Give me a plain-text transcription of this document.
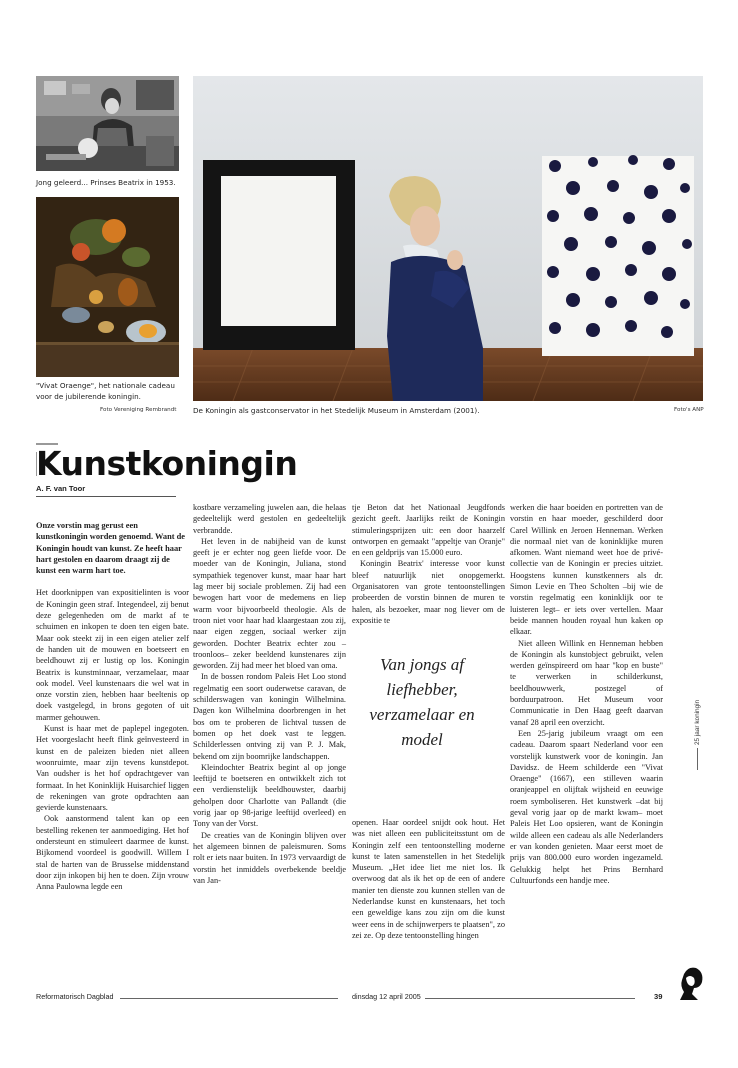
Jong geleerd... Prinses Beatrix in 1953.
"Vivat Oraenge", het nationale cadeau voor de jubilerende koningin.
Foto Vereniging Rembrandt De Koningin als gastconservator in het Stedelijk Museum in Amsterdam (2001).	Foto's ANP
Kunstkoningin
A. F. van Toor
Onze vorstin mag gerust een kunstkoningin worden genoemd. Want de Koningin houdt van kunst. Ze heeft haar hart gestolen en daarom draagt zij de kunst een warm hart toe.

Het doorknippen van expositielinten is voor de Koningin geen straf. Integendeel, zij benut deze gelegenheden om de markt af te schuimen en inkopen te doen ten eigen bate. Maar ook steekt zij in een eigen atelier zelf de handen uit de mouwen en boetseert en beeldhouwt zij er lustig op los. Koningin Beatrix is kunstminnaar, verzamelaar, maar ook model. Veel kunstenaars die wel wat in onze vorstin zien, hebben haar beeltenis op doek vastgelegd, in brons gegoten of uit marmer gehouwen.

Kunst is haar met de paplepel ingegoten. Het voorgeslacht heeft flink geïnvesteerd in kunst en de paleizen bieden niet alleen woonruimte, maar zijn tevens kunstdepot. Van oudsher is het hof opdrachtgever van formaat. In het Koninklijk Huisarchief liggen de rekeningen van grote opdrachten aan gevierde kunstenaars.

Ook aanstormend talent kan op een bestelling rekenen ter aanmoediging. Het hof ondersteunt en stimuleert daarmee de kunst. Bijkomend voordeel is goodwill. Willem I stal de harten van de Brusselse middenstand door zijn inkopen bij hen te doen. Zijn vrouw Anna Paulowna legde een

kostbare verzameling juwelen aan, die helaas gedeeltelijk werd gestolen en gedeeltelijk verbrandde.

Het leven in de nabijheid van de kunst geeft je er echter nog geen liefde voor. De moeder van de Koningin, Juliana, stond sympathiek tegenover kunst, maar haar hart lag meer bij sociale problemen. Zij had een bewogen hart voor de medemens en liep warm voor bijvoorbeeld theologie. Als de troon niet voor haar had klaargestaan zou zij, naar eigen zeggen, sociaal werker zijn geworden. Dochter Beatrix echter zou –troonloos– zeker beeldend kunstenares zijn geworden. Zij had meer het bloed van oma.

In de bossen rondom Paleis Het Loo stond regelmatig een soort ouderwetse caravan, de schilderswagen van koningin Wilhelmina. Dagen kon Wilhelmina doorbrengen in het bos om te proberen de lichtval tussen de bomen op het doek vast te leggen. Schilderlessen ontving zij van P. J. Mak, bekend om zijn boomrijke landschappen.

Kleindochter Beatrix begint al op jonge leeftijd te boetseren en ontwikkelt zich tot een verdienstelijk beeldhouwster, daarbij geholpen door Charlotte van Pallandt (die vorig jaar op 98-jarige leeftijd overleed) en Tony van der Vorst.

De creaties van de Koningin blijven over het algemeen binnen de paleismuren. Soms rolt er iets naar buiten. In 1973 vervaardigt de vorstin het inmiddels overbekende beeldje van Jan-

tje Beton dat het Nationaal Jeugdfonds gezicht geeft. Jaarlijks reikt de Koningin stimuleringsprijzen uit: een door haarzelf ontworpen en gemaakt "appeltje van Oranje" en een geldprijs van 15.000 euro.

Koningin Beatrix' interesse voor kunst bleef natuurlijk niet onopgemerkt. Organisatoren van grote tentoonstellingen probeerden de vorstin binnen de muren te halen, als bezoeker, maar nog liever om de expositie te

Van jongs af liefhebber, verzamelaar en model

openen. Haar oordeel snijdt ook hout. Het was niet alleen een publiciteitsstunt om de Koningin zelf een tentoonstelling moderne kunst te laten samenstellen in het Stedelijk Museum. „Het idee liet me niet los. Ik overwoog dat als ik het op de een of andere manier ten dienste zou kunnen stellen van de Nederlandse kunst en kunstenaars, het toch een geweldige kans zou zijn om die kunst weer eens in de schijnwerpers te plaatsen", zo zei ze. Op deze tentoonstelling hingen

werken die haar boeiden en portretten van de vorstin en haar moeder, geschilderd door Carel Willink en Jeroen Henneman. Werken die normaal niet van de koninklijke muren afkomen. Want niemand weet hoe de privé-collectie van de Koningin er precies uitziet. Hoogstens kunnen kunstkenners als dr. Simon Levie en Theo Scholten –bij wie de vorstin regelmatig een koninklijk oor te luisteren legt– er iets over vertellen. Maar beide mannen houden royaal hun kaken op elkaar.

Niet alleen Willink en Henneman hebben de Koningin als kunstobject gebruikt, velen werden geïnspireerd om haar "kop en buste" te verwerken in schilderkunst, beeldhouwwerk, postzegel of borduurpatroon. Het Museum voor Communicatie in Den Haag geeft daarvan vanaf 28 april een overzicht.

Een 25-jarig jubileum vraagt om een cadeau. Daarom spaart Nederland voor een vorstelijk kunstwerk voor de koningin. Jan Davidsz. de Heem schilderde een "Vivat Oraenge" (1667), een stilleven waarin oranjeappel en olijftak wijsheid en eeuwige roem symboliseren. Het kunstwerk –dat bij geval vorig jaar op de markt kwam– moet Paleis Het Loo opsieren, want de Koningin wilde alleen een cadeau als alle Nederlanders er van konden genieten. Maar eerst moet de prijs van 800.000 euro worden ingezameld. Gelukkig helpt het Prins Bernhard Cultuurfonds een handje mee.

25 jaar koningin
Reformatorisch Dagblad	dinsdag 12 april 2005	39
